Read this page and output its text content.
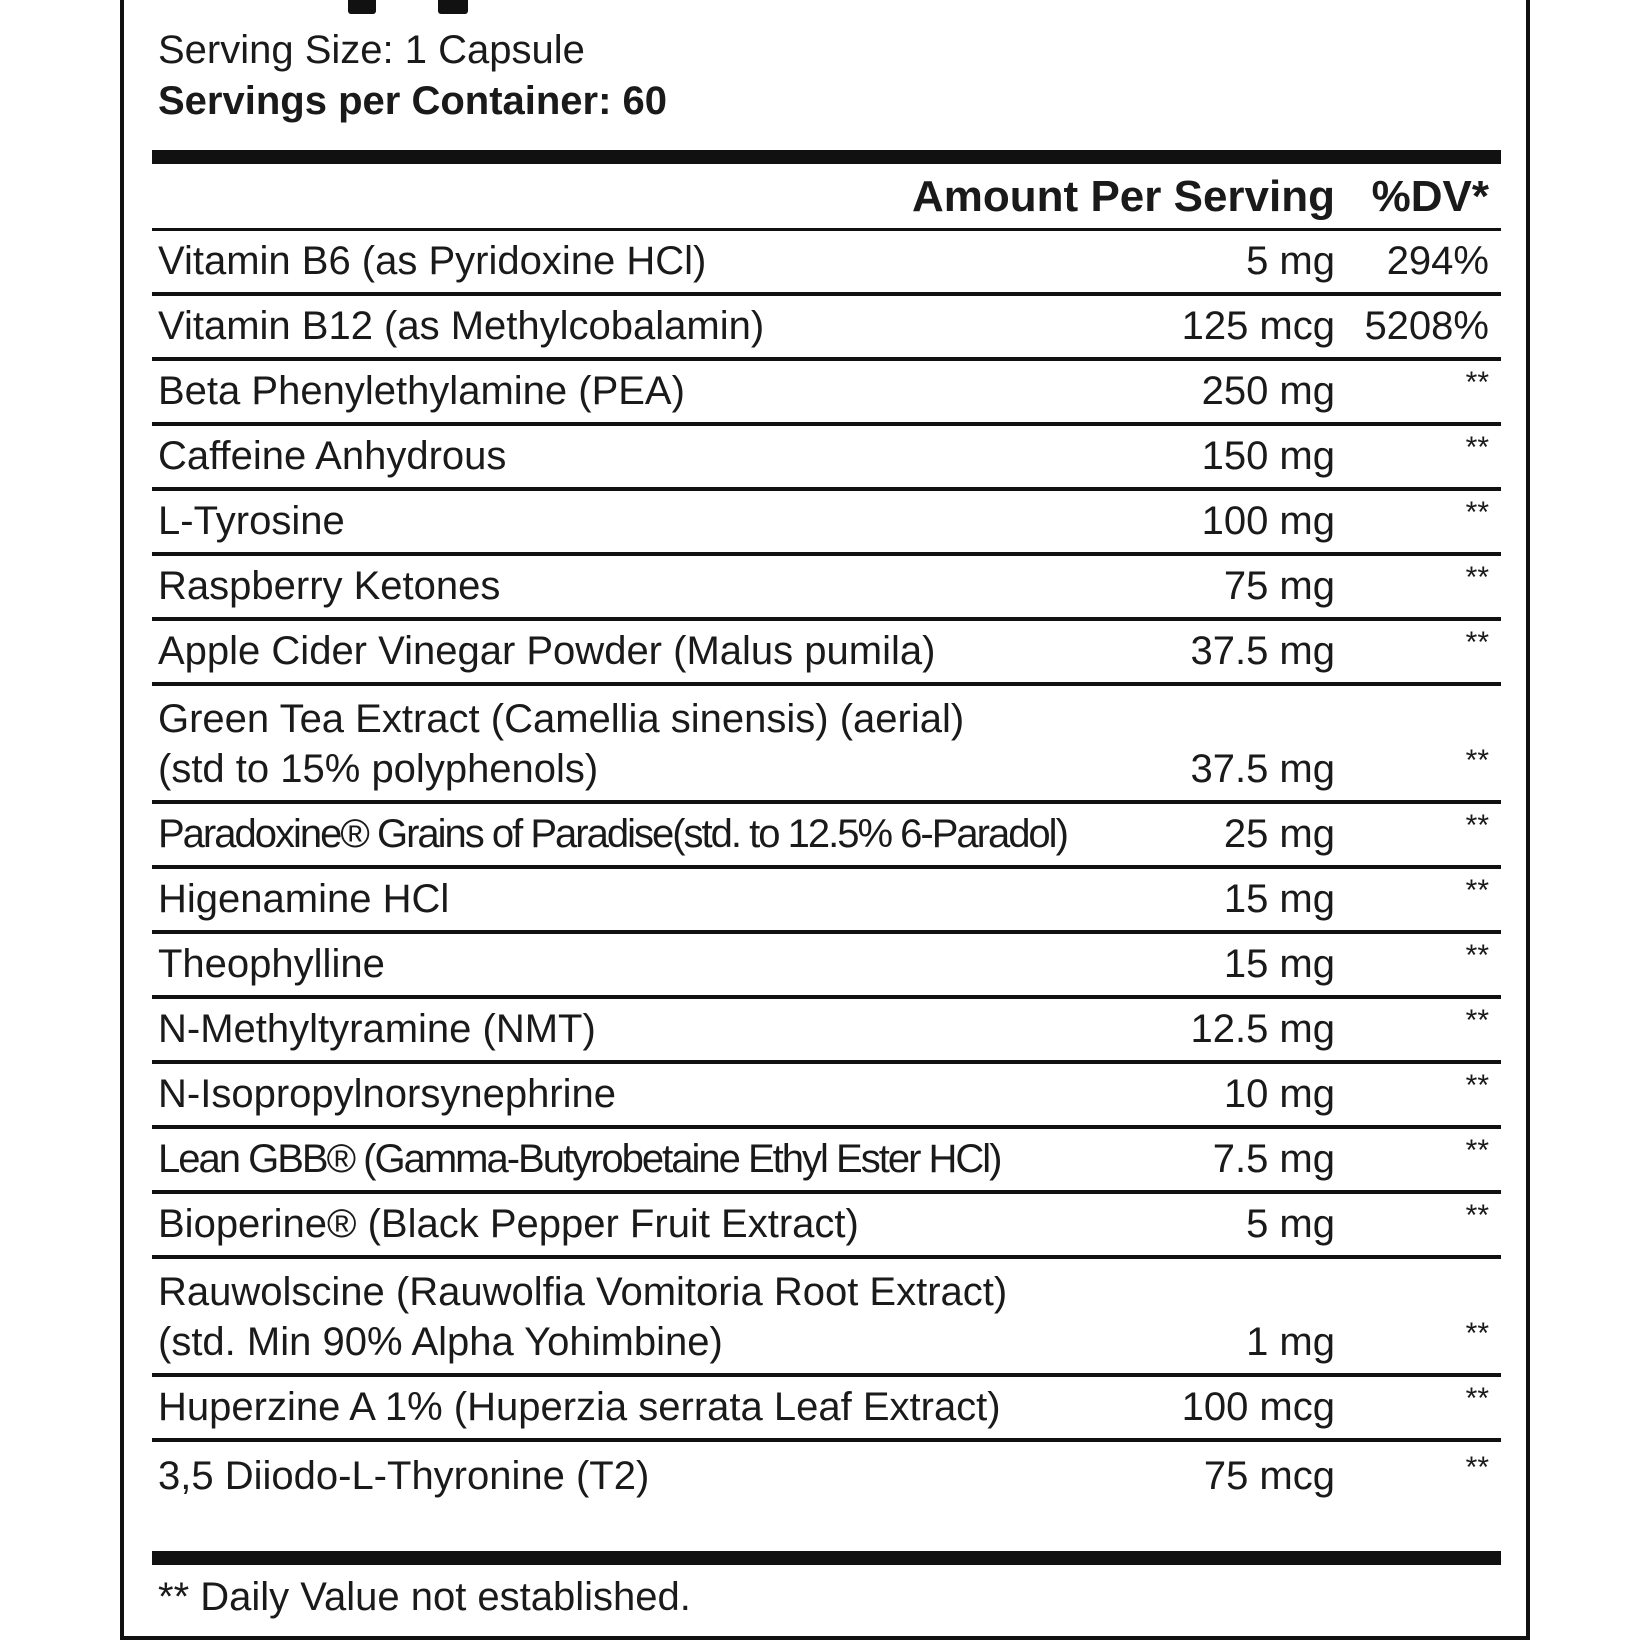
Serving Size: 1 Capsule
Servings per Container: 60
Amount Per Serving %DV*
Vitamin B6 (as Pyridoxine HCl)	5 mg 294%
Vitamin B12 (as Methylcobalamin)	125 mcg 5208%
Beta Phenylethylamine (PEA)	250 mg	**
Caffeine Anhydrous	150 mg	**
L-Tyrosine	100 mg	**
Raspberry Ketones	75 mg	**
Apple Cider Vinegar Powder (Malus pumila)	37.5 mg	**
Green Tea Extract (Camellia sinensis) (aerial)
(std to 15% polyphenols)	37.5 mg	**
Paradoxine® Grains of Paradise(std. to 12.5% 6-Paradol)	25 mg	**
Higenamine HCl	15 mg	**
Theophylline	15 mg	**
N-Methyltyramine (NMT)	12.5 mg	**
N-Isopropylnorsynephrine	10 mg	**
Lean GBB® (Gamma-Butyrobetaine Ethyl Ester HCl)	7.5 mg	**
Bioperine® (Black Pepper Fruit Extract)	5 mg	**
Rauwolscine (Rauwolfia Vomitoria Root Extract)
(std. Min 90% Alpha Yohimbine)	1 mg	**
Huperzine A 1% (Huperzia serrata Leaf Extract)	100 mcg	**
3,5 Diiodo-L-Thyronine (T2)	75 mcg	**
** Daily Value not established.
